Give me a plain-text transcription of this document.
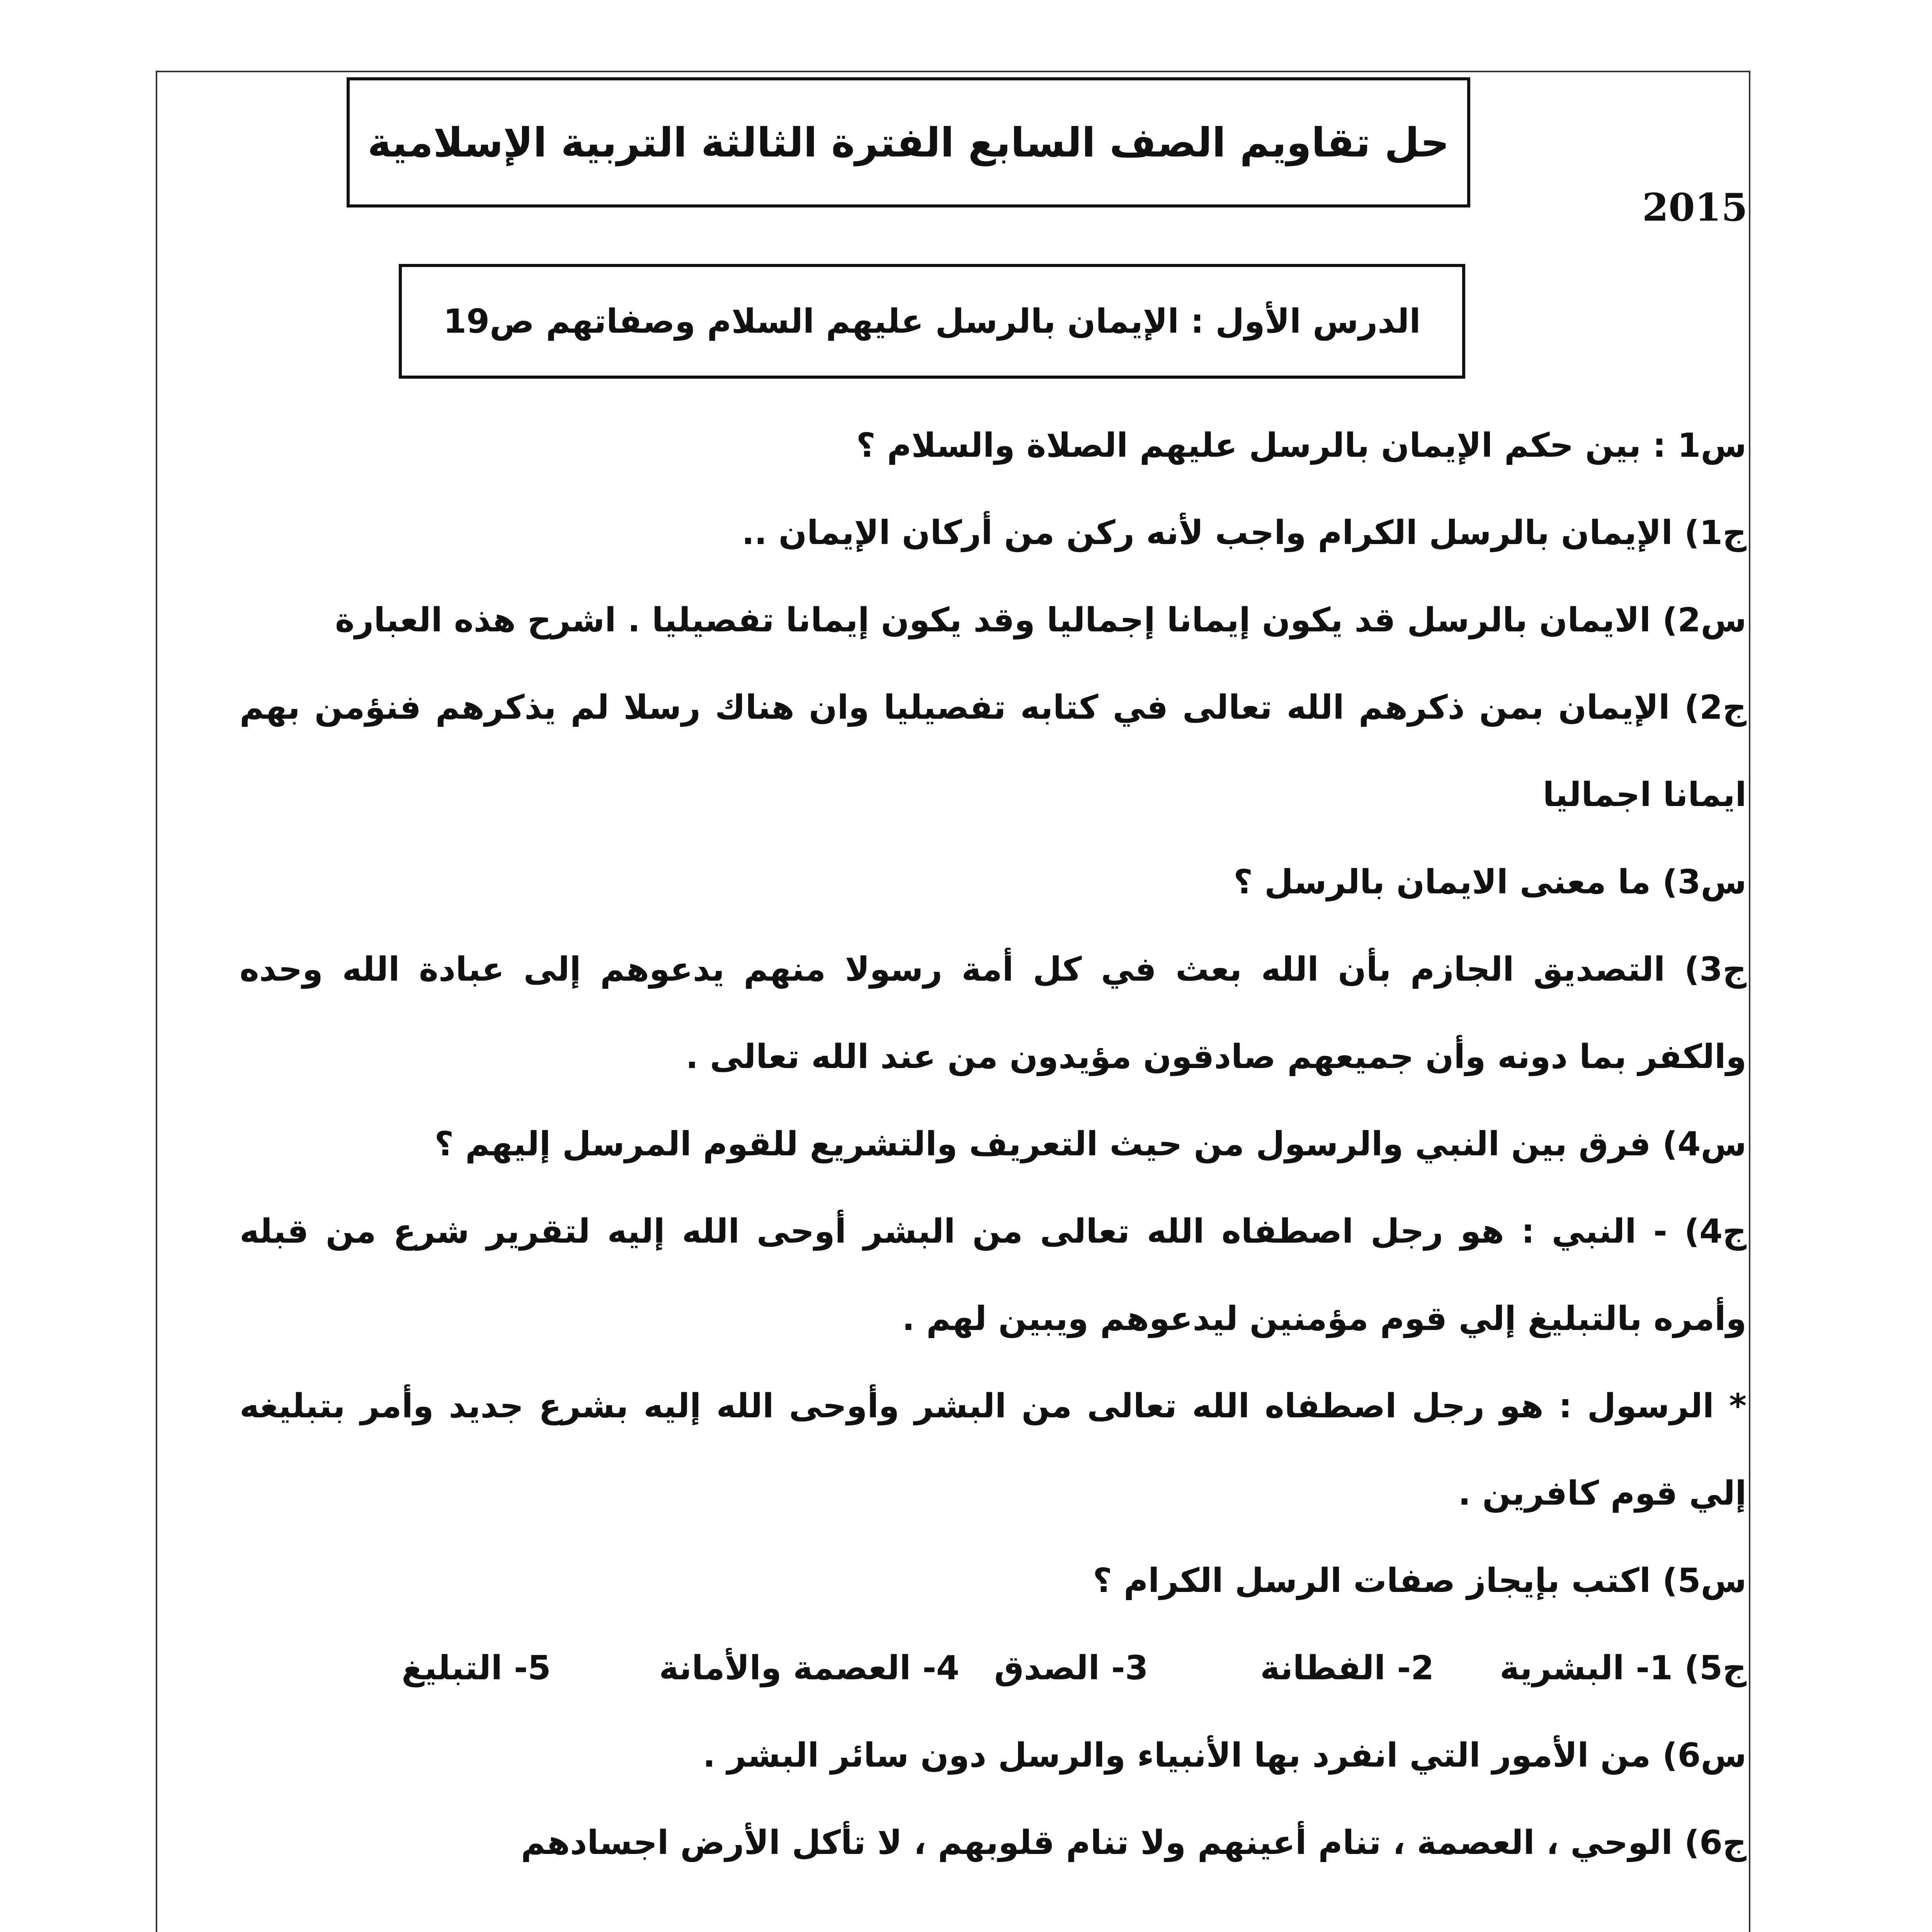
حل تقاويم الصف السابع الفترة الثالثة التربية الإسلامية
2015
الدرس الأول : الإيمان بالرسل عليهم السلام وصفاتهم ص19

س1 : بين حكم الإيمان بالرسل عليهم الصلاة والسلام ؟

ج1) الإيمان بالرسل الكرام واجب لأنه ركن من أركان الإيمان ..

س2) الايمان بالرسل قد يكون إيمانا إجماليا وقد يكون إيمانا تفصيليا . اشرح هذه العبارة

ج2) الإيمان بمن ذكرهم الله تعالى في كتابه تفصيليا وان هناك رسلا لم يذكرهم فنؤمن بهم ايمانا اجماليا

س3) ما معنى الايمان بالرسل ؟

ج3) التصديق الجازم بأن الله بعث في كل أمة رسولا منهم يدعوهم إلى عبادة الله وحده والكفر بما دونه وأن جميعهم صادقون مؤيدون من عند الله تعالى .

س4) فرق بين النبي والرسول من حيث التعريف والتشريع للقوم المرسل إليهم ؟

ج4) - النبي : هو رجل اصطفاه الله تعالى من البشر أوحى الله إليه لتقرير شرع من قبله وأمره بالتبليغ إلي قوم مؤمنين ليدعوهم ويبين لهم .

* الرسول : هو رجل اصطفاه الله تعالى من البشر وأوحى الله إليه بشرع جديد وأمر بتبليغه إلي قوم كافرين .

س5) اكتب بإيجاز صفات الرسل الكرام ؟

ج5) 1- البشرية
2- الفطانة
3- الصدق
4- العصمة والأمانة
5- التبليغ

س6) من الأمور التي انفرد بها الأنبياء والرسل دون سائر البشر .

ج6) الوحي ، العصمة ، تنام أعينهم ولا تنام قلوبهم ، لا تأكل الأرض اجسادهم
